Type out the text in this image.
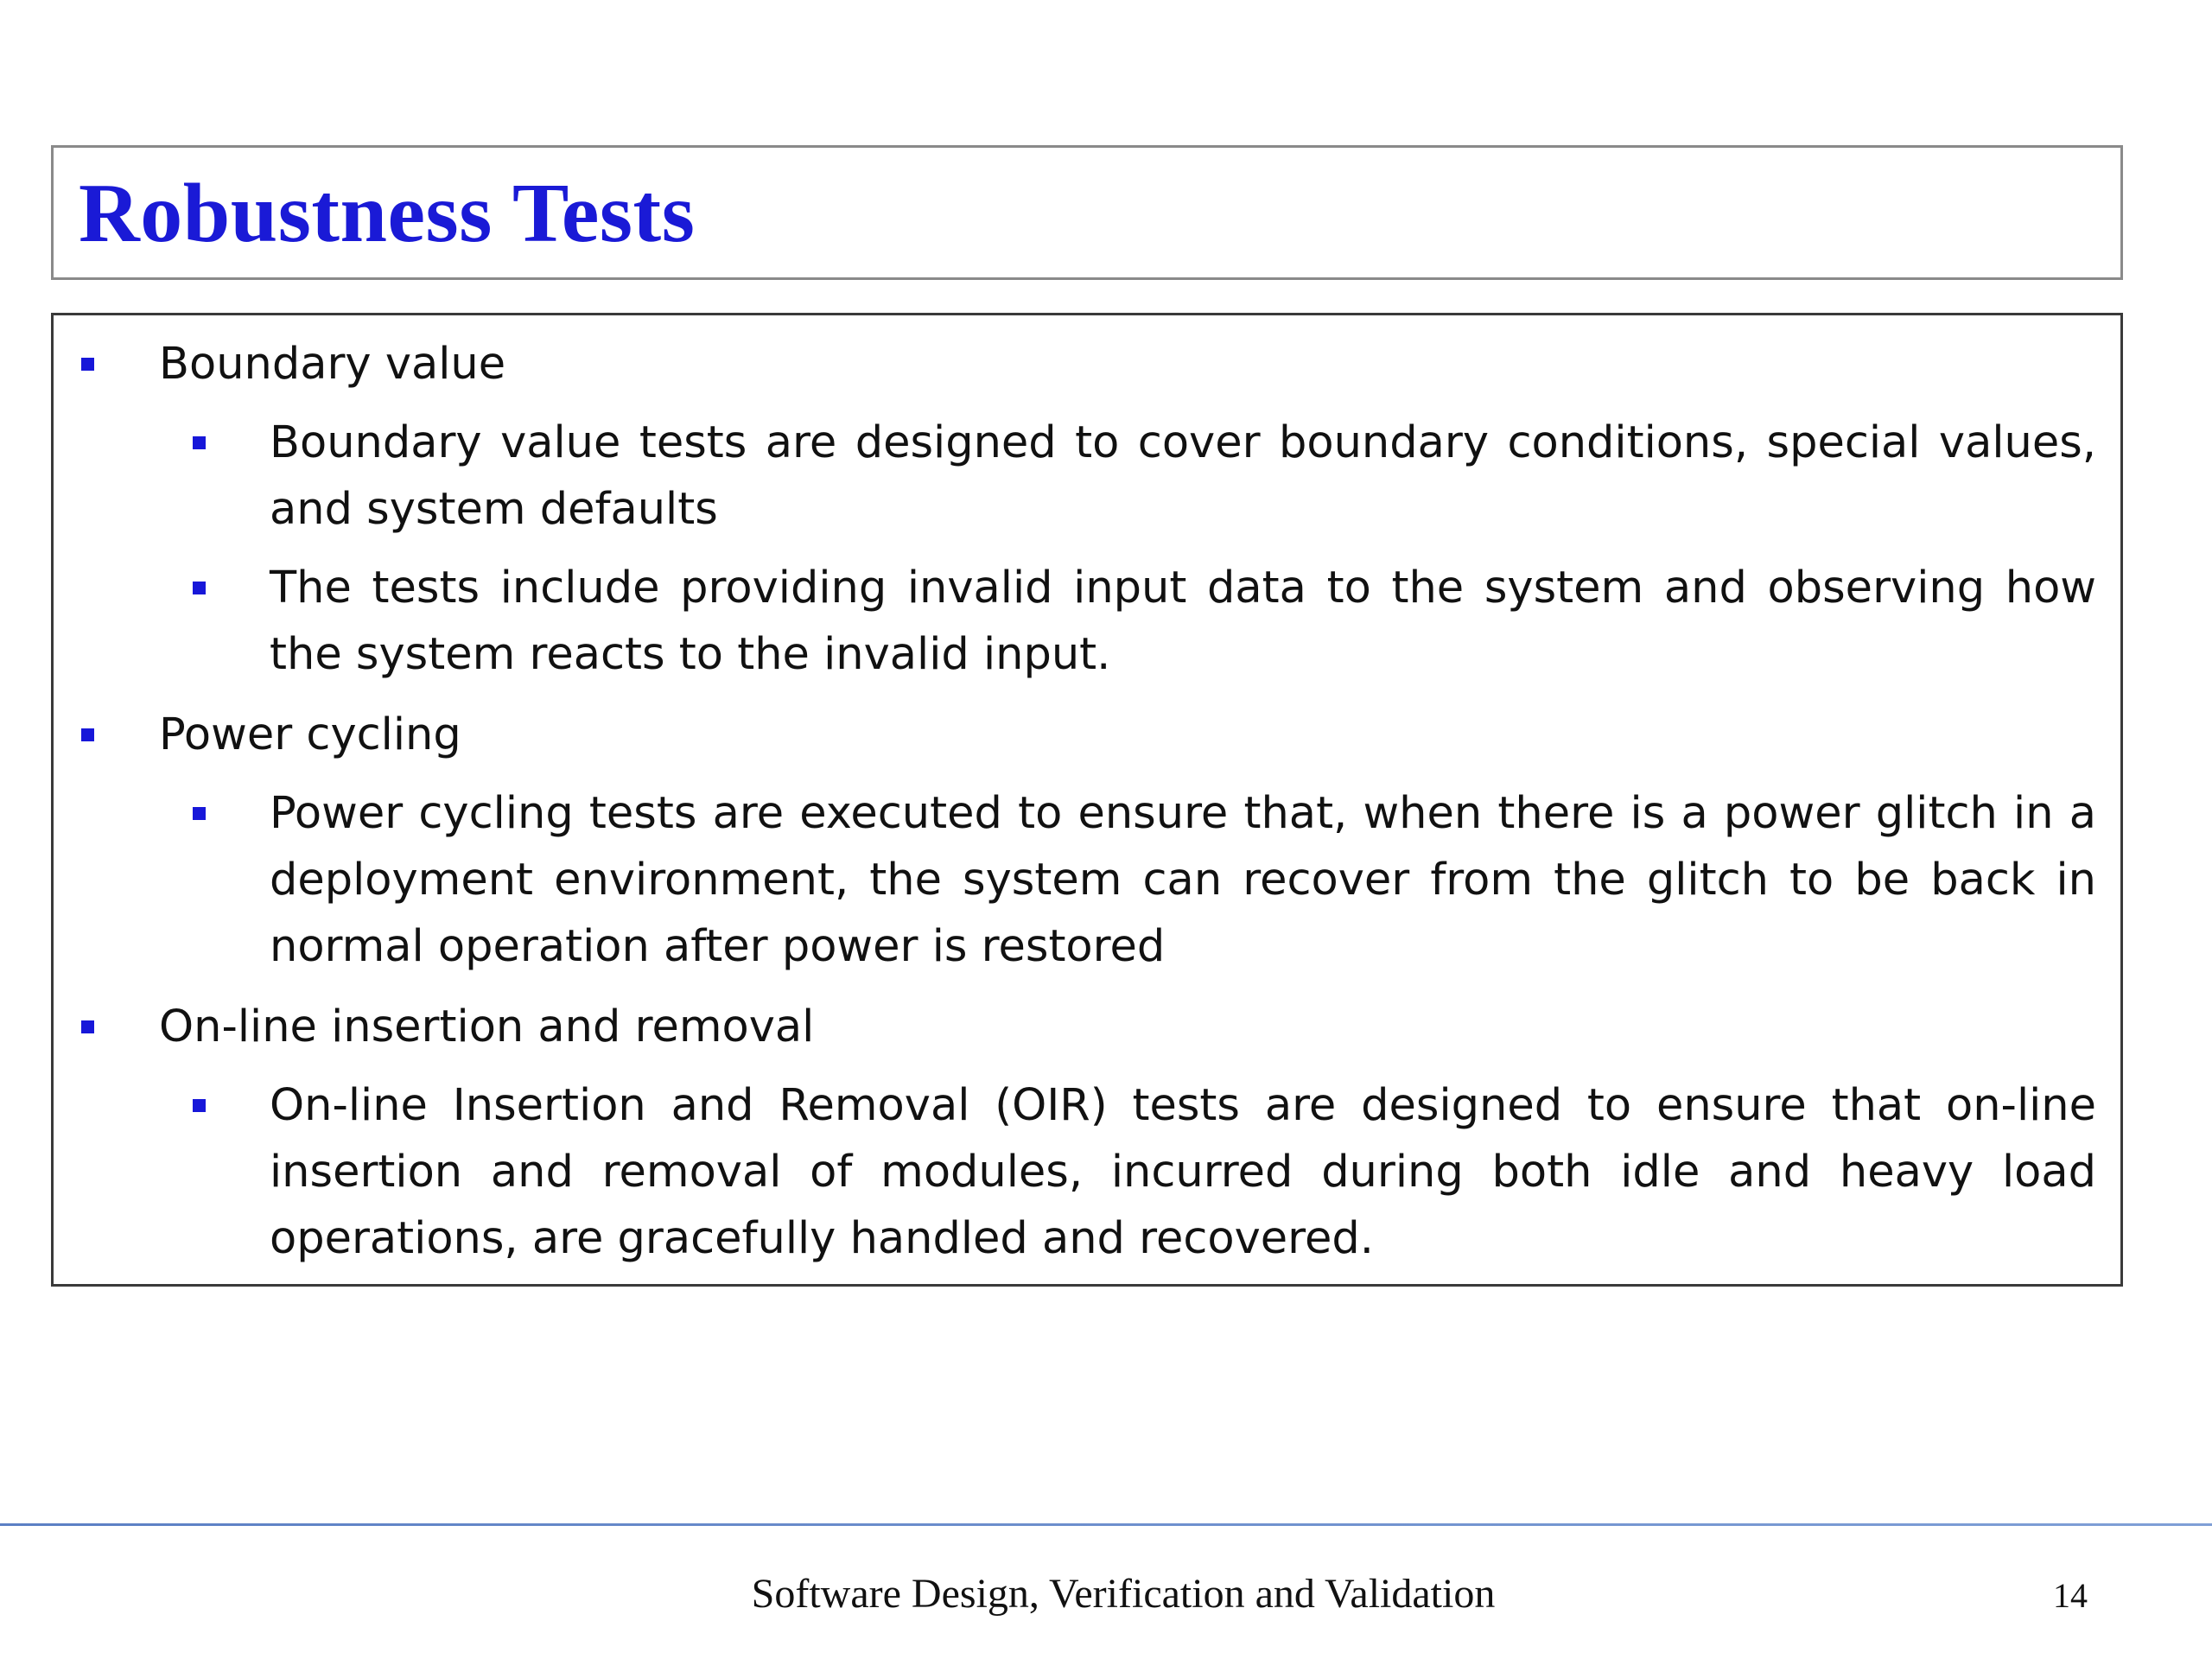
Robustness Tests
Boundary value
Boundary value tests are designed to cover boundary conditions, special values, and system defaults
The tests include providing invalid input data to the system and observing how the system reacts to the invalid input.
Power cycling
Power cycling tests are executed to ensure that, when there is a power glitch in a deployment environment, the system can recover from the glitch to be back in normal operation after power is restored
On-line insertion and removal
On-line Insertion and Removal (OIR) tests are designed to ensure that on-line insertion and removal of modules, incurred during both idle and heavy load operations, are gracefully handled and recovered.
Software Design, Verification and Validation	14
